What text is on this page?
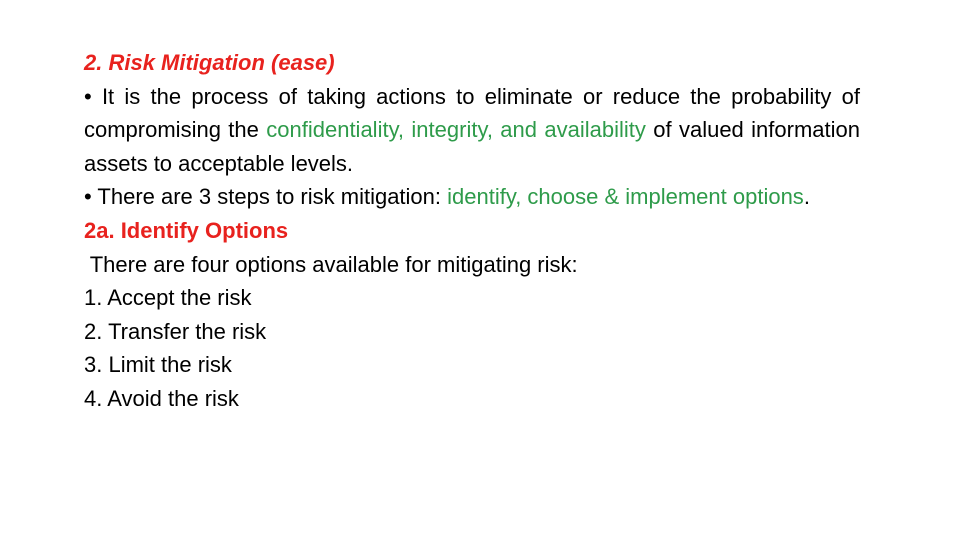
2. Risk Mitigation (ease)

• It is the process of taking actions to eliminate or reduce the probability of compromising the confidentiality, integrity, and availability of valued information assets to acceptable levels.

• There are 3 steps to risk mitigation: identify, choose & implement options.

2a. Identify Options

There are four options available for mitigating risk:

1. Accept the risk

2. Transfer the risk

3. Limit the risk

4. Avoid the risk
